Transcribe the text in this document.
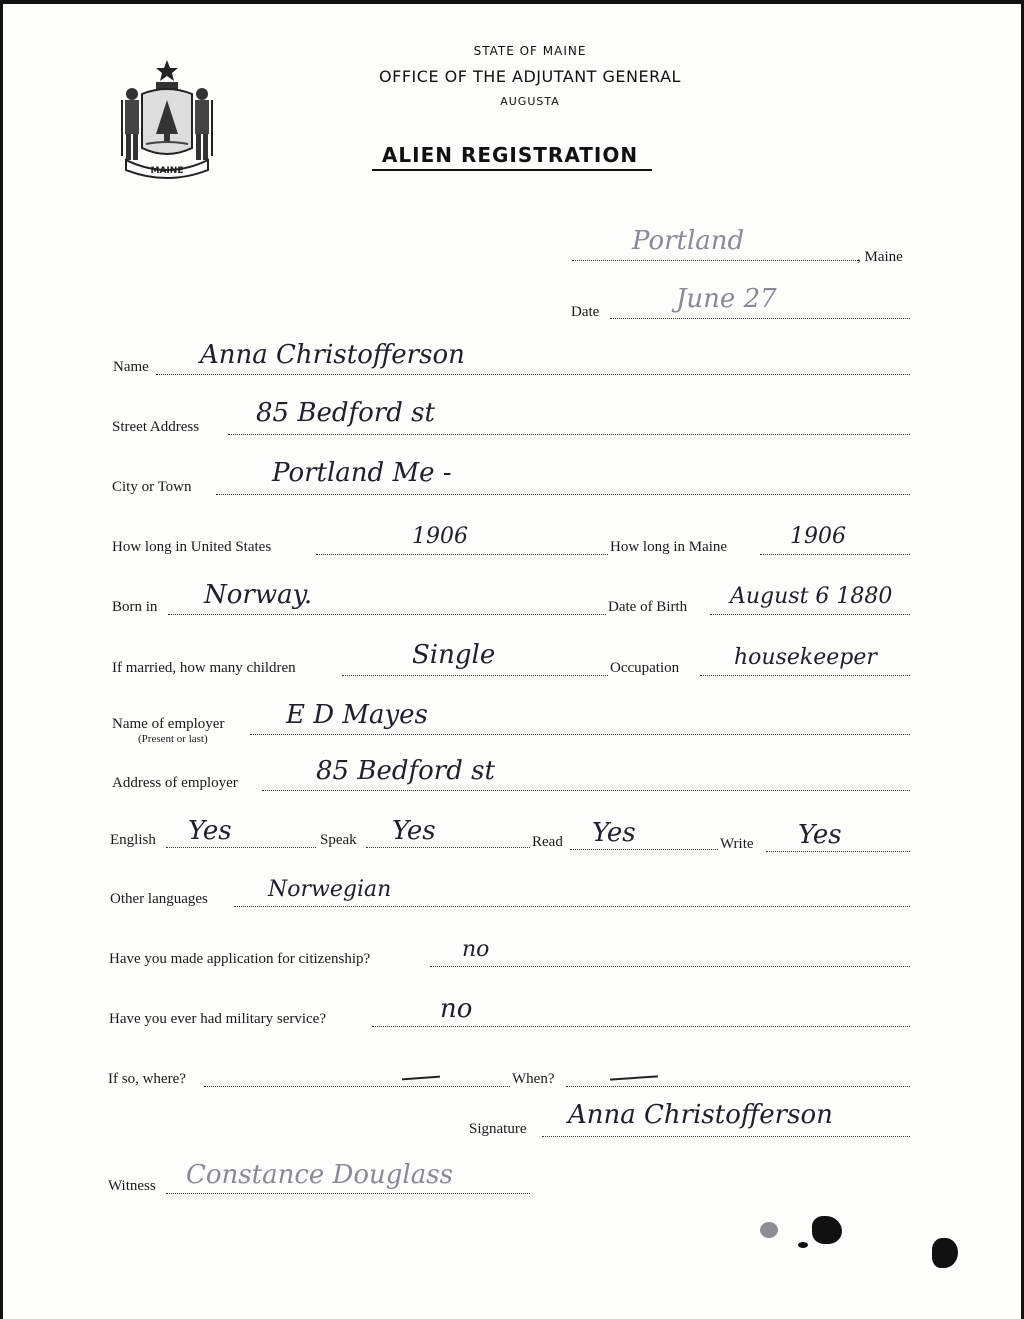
MAINE
STATE OF MAINE
OFFICE OF THE ADJUTANT GENERAL
AUGUSTA
ALIEN REGISTRATION
Portland
, Maine
Date	June 27
Name Anna Christofferson
Street Address 85 Bedford st
City or Town	Portland Me -
How long in United States	1906	How long in Maine	1906
Born in Norway.	Date of Birth August 6 1880
If married, how many children	Single	Occupation housekeeper
Name of employer
(Present or last)
E D Mayes
Address of employer	85 Bedford st
English Yes	Speak Yes	Read Yes	Write Yes
Other languages	Norwegian
Have you made application for citizenship?	no
Have you ever had military service?	no
If so, where?	When?
Signature Anna Christofferson
Witness Constance Douglass
